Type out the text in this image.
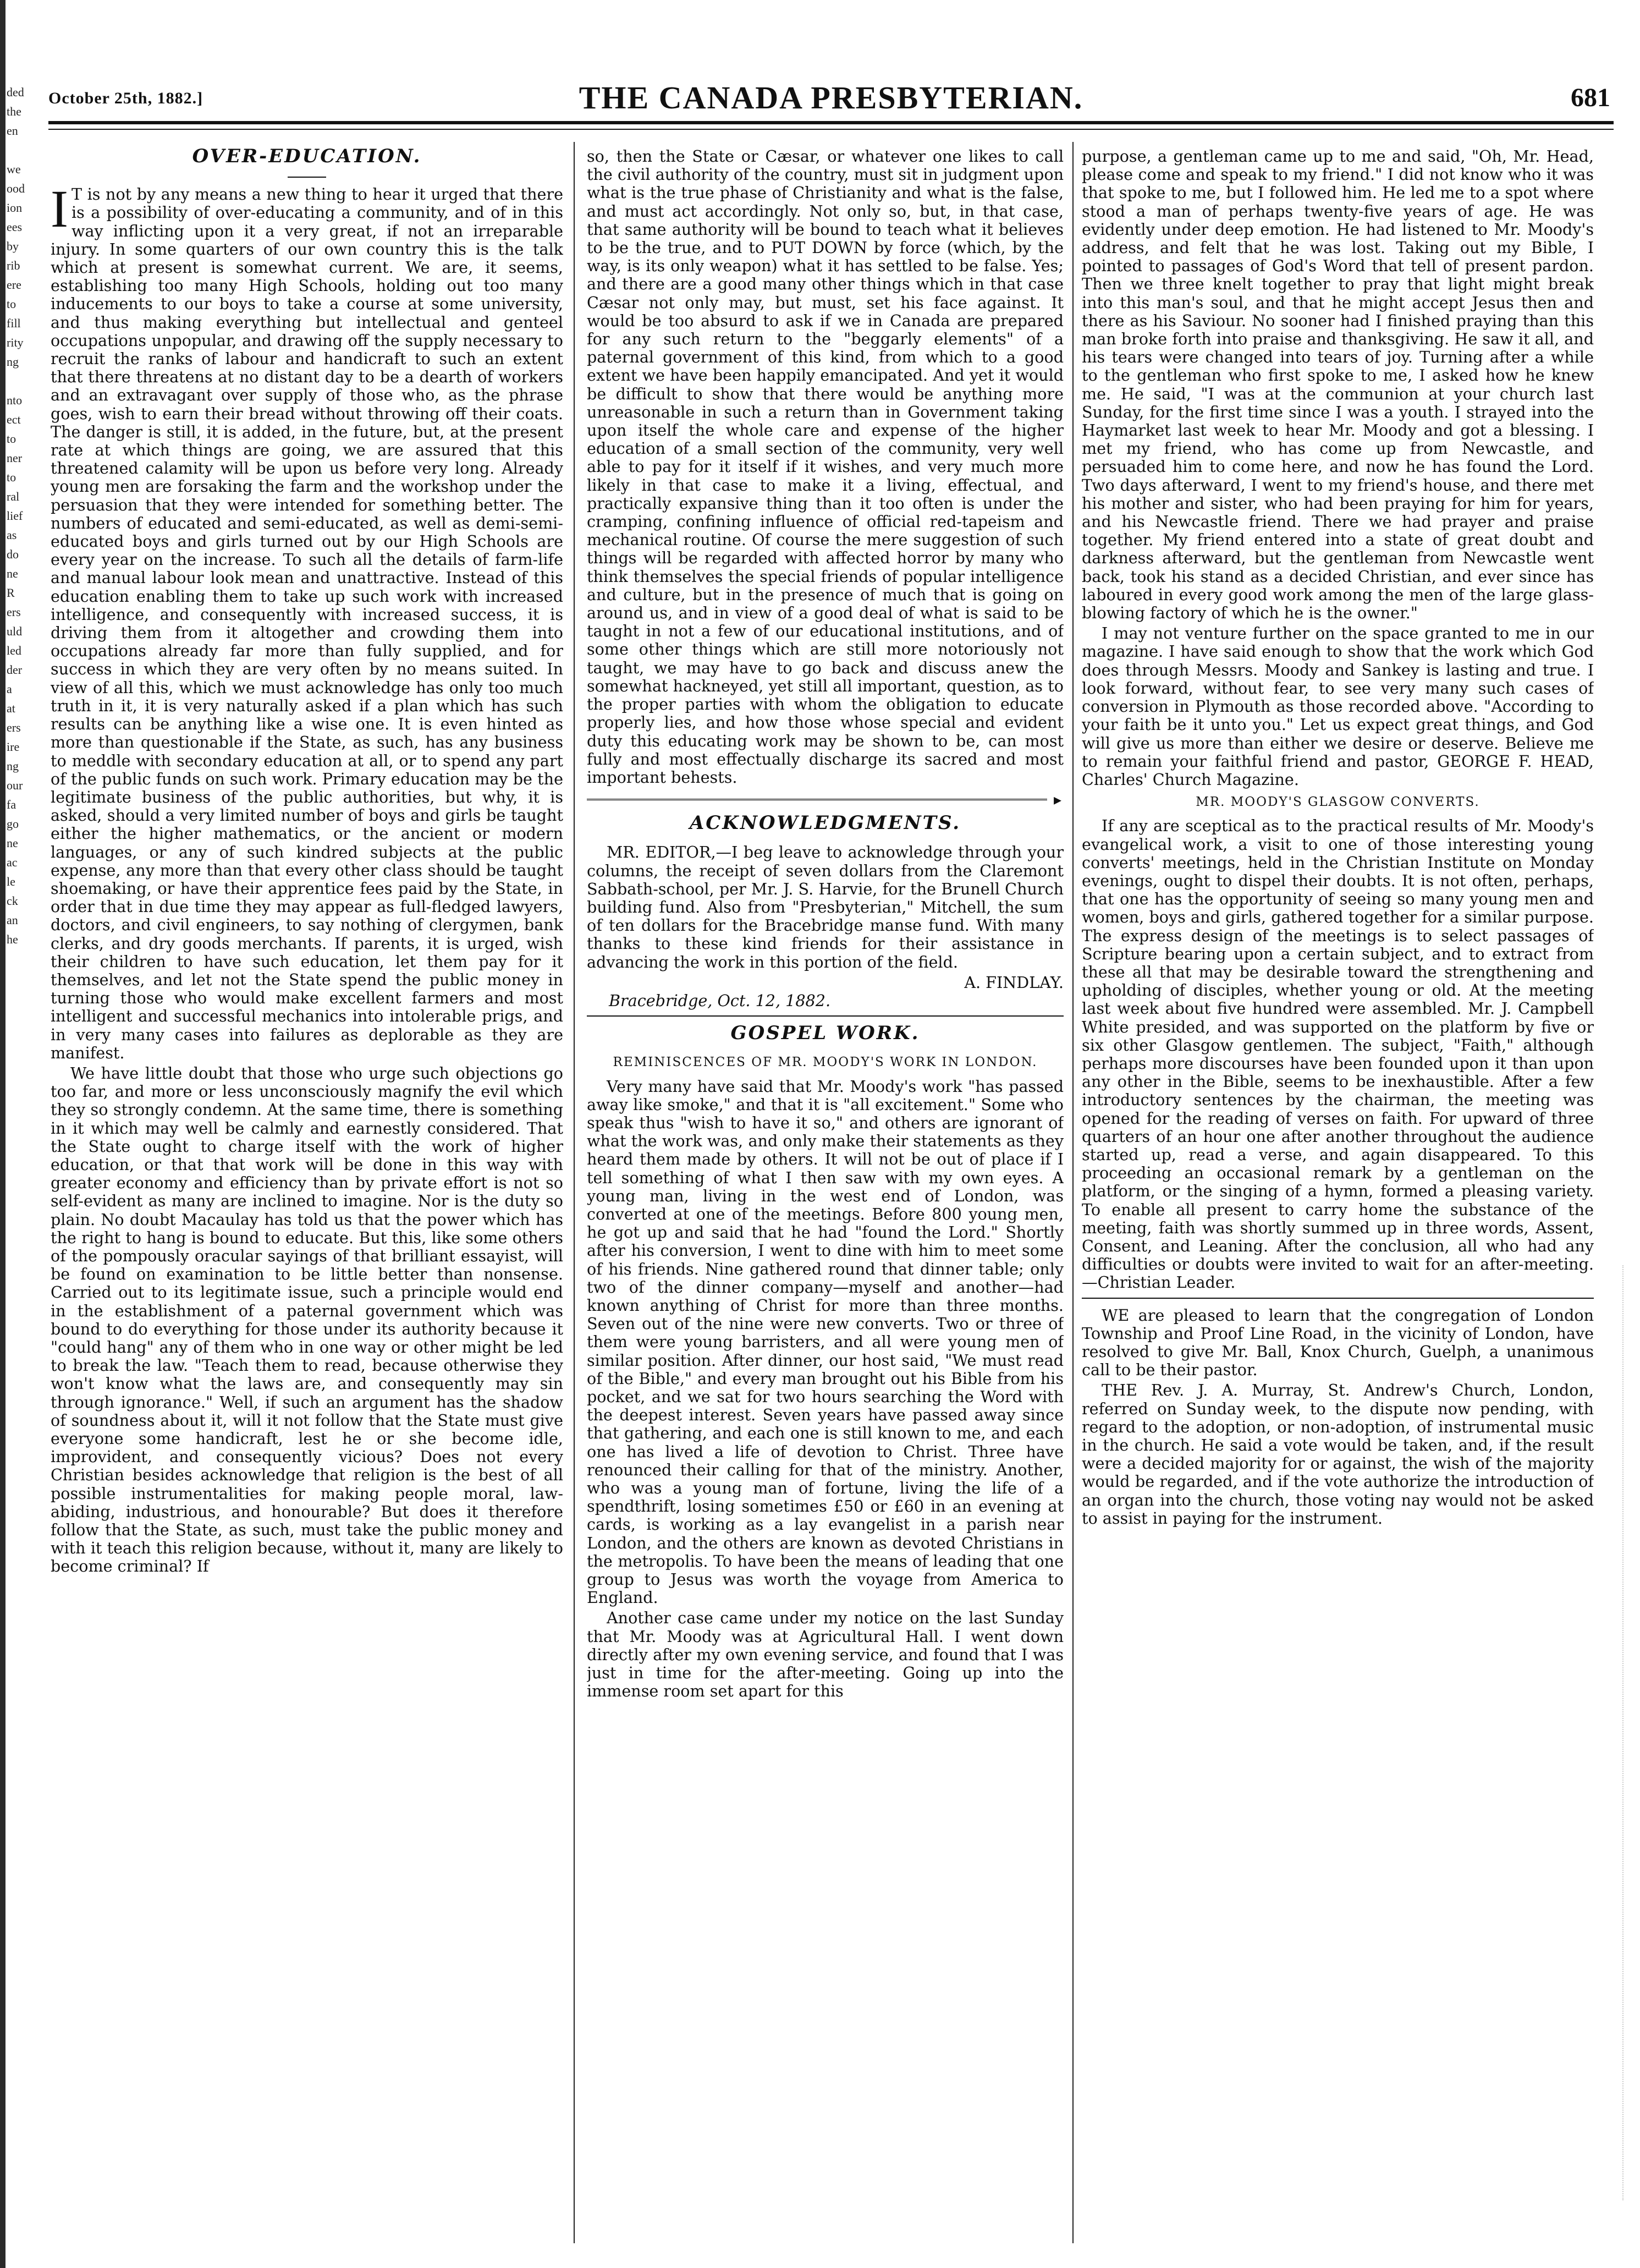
ded
the
en

we
ood
ion
ees
by
rib
ere
to
fill
rity
ng

nto
ect
to
ner
to
ral
lief
as
do
ne
R
ers
uld
led
der
a
at
ers
ire
ng
our
fa
go
ne
ac
le
ck
an
he
October 25th, 1882.]	THE CANADA PRESBYTERIAN.	681
OVER-EDUCATION.

I T is not by any means a new thing to hear it urged that there is a possibility of over-educating a community, and of in this way inflicting upon it a very great, if not an irreparable injury. In some quarters of our own country this is the talk which at present is somewhat current. We are, it seems, establishing too many High Schools, holding out too many inducements to our boys to take a course at some university, and thus making everything but intellectual and genteel occupations unpopular, and drawing off the supply necessary to recruit the ranks of labour and handicraft to such an extent that there threatens at no distant day to be a dearth of workers and an extravagant over supply of those who, as the phrase goes, wish to earn their bread without throwing off their coats. The danger is still, it is added, in the future, but, at the present rate at which things are going, we are assured that this threatened calamity will be upon us before very long. Already young men are forsaking the farm and the workshop under the persuasion that they were intended for something better. The numbers of educated and semi-educated, as well as demi-semi-educated boys and girls turned out by our High Schools are every year on the increase. To such all the details of farm-life and manual labour look mean and unattractive. Instead of this education enabling them to take up such work with increased intelligence, and consequently with increased success, it is driving them from it altogether and crowding them into occupations already far more than fully supplied, and for success in which they are very often by no means suited. In view of all this, which we must acknowledge has only too much truth in it, it is very naturally asked if a plan which has such results can be anything like a wise one. It is even hinted as more than questionable if the State, as such, has any business to meddle with secondary education at all, or to spend any part of the public funds on such work. Primary education may be the legitimate business of the public authorities, but why, it is asked, should a very limited number of boys and girls be taught either the higher mathematics, or the ancient or modern languages, or any of such kindred subjects at the public expense, any more than that every other class should be taught shoemaking, or have their apprentice fees paid by the State, in order that in due time they may appear as full-fledged lawyers, doctors, and civil engineers, to say nothing of clergymen, bank clerks, and dry goods merchants. If parents, it is urged, wish their children to have such education, let them pay for it themselves, and let not the State spend the public money in turning those who would make excellent farmers and most intelligent and successful mechanics into intolerable prigs, and in very many cases into failures as deplorable as they are manifest.

We have little doubt that those who urge such objections go too far, and more or less unconsciously magnify the evil which they so strongly condemn. At the same time, there is something in it which may well be calmly and earnestly considered. That the State ought to charge itself with the work of higher education, or that that work will be done in this way with greater economy and efficiency than by private effort is not so self-evident as many are inclined to imagine. Nor is the duty so plain. No doubt Macaulay has told us that the power which has the right to hang is bound to educate. But this, like some others of the pompously oracular sayings of that brilliant essayist, will be found on examination to be little better than nonsense. Carried out to its legitimate issue, such a principle would end in the establishment of a paternal government which was bound to do everything for those under its authority because it "could hang" any of them who in one way or other might be led to break the law. "Teach them to read, because otherwise they won't know what the laws are, and consequently may sin through ignorance." Well, if such an argument has the shadow of soundness about it, will it not follow that the State must give everyone some handicraft, lest he or she become idle, improvident, and consequently vicious? Does not every Christian besides acknowledge that religion is the best of all possible instrumentalities for making people moral, law-abiding, industrious, and honourable? But does it therefore follow that the State, as such, must take the public money and with it teach this religion because, without it, many are likely to become criminal? If

so, then the State or Cæsar, or whatever one likes to call the civil authority of the country, must sit in judgment upon what is the true phase of Christianity and what is the false, and must act accordingly. Not only so, but, in that case, that same authority will be bound to teach what it believes to be the true, and to PUT DOWN by force (which, by the way, is its only weapon) what it has settled to be false. Yes; and there are a good many other things which in that case Cæsar not only may, but must, set his face against. It would be too absurd to ask if we in Canada are prepared for any such return to the "beggarly elements" of a paternal government of this kind, from which to a good extent we have been happily emancipated. And yet it would be difficult to show that there would be anything more unreasonable in such a return than in Government taking upon itself the whole care and expense of the higher education of a small section of the community, very well able to pay for it itself if it wishes, and very much more likely in that case to make it a living, effectual, and practically expansive thing than it too often is under the cramping, confining influence of official red-tapeism and mechanical routine. Of course the mere suggestion of such things will be regarded with affected horror by many who think themselves the special friends of popular intelligence and culture, but in the presence of much that is going on around us, and in view of a good deal of what is said to be taught in not a few of our educational institutions, and of some other things which are still more notoriously not taught, we may have to go back and discuss anew the somewhat hackneyed, yet still all important, question, as to the proper parties with whom the obligation to educate properly lies, and how those whose special and evident duty this educating work may be shown to be, can most fully and most effectually discharge its sacred and most important behests.

▸
ACKNOWLEDGMENTS.

MR. EDITOR,—I beg leave to acknowledge through your columns, the receipt of seven dollars from the Claremont Sabbath-school, per Mr. J. S. Harvie, for the Brunell Church building fund. Also from "Presbyterian," Mitchell, the sum of ten dollars for the Bracebridge manse fund. With many thanks to these kind friends for their assistance in advancing the work in this portion of the field.

A. FINDLAY.

Bracebridge, Oct. 12, 1882.

GOSPEL WORK.
REMINISCENCES OF MR. MOODY'S WORK IN LONDON.

Very many have said that Mr. Moody's work "has passed away like smoke," and that it is "all excitement." Some who speak thus "wish to have it so," and others are ignorant of what the work was, and only make their statements as they heard them made by others. It will not be out of place if I tell something of what I then saw with my own eyes. A young man, living in the west end of London, was converted at one of the meetings. Before 800 young men, he got up and said that he had "found the Lord." Shortly after his conversion, I went to dine with him to meet some of his friends. Nine gathered round that dinner table; only two of the dinner company—myself and another—had known anything of Christ for more than three months. Seven out of the nine were new converts. Two or three of them were young barristers, and all were young men of similar position. After dinner, our host said, "We must read of the Bible," and every man brought out his Bible from his pocket, and we sat for two hours searching the Word with the deepest interest. Seven years have passed away since that gathering, and each one is still known to me, and each one has lived a life of devotion to Christ. Three have renounced their calling for that of the ministry. Another, who was a young man of fortune, living the life of a spendthrift, losing sometimes £50 or £60 in an evening at cards, is working as a lay evangelist in a parish near London, and the others are known as devoted Christians in the metropolis. To have been the means of leading that one group to Jesus was worth the voyage from America to England.

Another case came under my notice on the last Sunday that Mr. Moody was at Agricultural Hall. I went down directly after my own evening service, and found that I was just in time for the after-meeting. Going up into the immense room set apart for this

purpose, a gentleman came up to me and said, "Oh, Mr. Head, please come and speak to my friend." I did not know who it was that spoke to me, but I followed him. He led me to a spot where stood a man of perhaps twenty-five years of age. He was evidently under deep emotion. He had listened to Mr. Moody's address, and felt that he was lost. Taking out my Bible, I pointed to passages of God's Word that tell of present pardon. Then we three knelt together to pray that light might break into this man's soul, and that he might accept Jesus then and there as his Saviour. No sooner had I finished praying than this man broke forth into praise and thanksgiving. He saw it all, and his tears were changed into tears of joy. Turning after a while to the gentleman who first spoke to me, I asked how he knew me. He said, "I was at the communion at your church last Sunday, for the first time since I was a youth. I strayed into the Haymarket last week to hear Mr. Moody and got a blessing. I met my friend, who has come up from Newcastle, and persuaded him to come here, and now he has found the Lord. Two days afterward, I went to my friend's house, and there met his mother and sister, who had been praying for him for years, and his Newcastle friend. There we had prayer and praise together. My friend entered into a state of great doubt and darkness afterward, but the gentleman from Newcastle went back, took his stand as a decided Christian, and ever since has laboured in every good work among the men of the large glass-blowing factory of which he is the owner."

I may not venture further on the space granted to me in our magazine. I have said enough to show that the work which God does through Messrs. Moody and Sankey is lasting and true. I look forward, without fear, to see very many such cases of conversion in Plymouth as those recorded above. "According to your faith be it unto you." Let us expect great things, and God will give us more than either we desire or deserve. Believe me to remain your faithful friend and pastor, GEORGE F. HEAD, Charles' Church Magazine.

MR. MOODY'S GLASGOW CONVERTS.

If any are sceptical as to the practical results of Mr. Moody's evangelical work, a visit to one of those interesting young converts' meetings, held in the Christian Institute on Monday evenings, ought to dispel their doubts. It is not often, perhaps, that one has the opportunity of seeing so many young men and women, boys and girls, gathered together for a similar purpose. The express design of the meetings is to select passages of Scripture bearing upon a certain subject, and to extract from these all that may be desirable toward the strengthening and upholding of disciples, whether young or old. At the meeting last week about five hundred were assembled. Mr. J. Campbell White presided, and was supported on the platform by five or six other Glasgow gentlemen. The subject, "Faith," although perhaps more discourses have been founded upon it than upon any other in the Bible, seems to be inexhaustible. After a few introductory sentences by the chairman, the meeting was opened for the reading of verses on faith. For upward of three quarters of an hour one after another throughout the audience started up, read a verse, and again disappeared. To this proceeding an occasional remark by a gentleman on the platform, or the singing of a hymn, formed a pleasing variety. To enable all present to carry home the substance of the meeting, faith was shortly summed up in three words, Assent, Consent, and Leaning. After the conclusion, all who had any difficulties or doubts were invited to wait for an after-meeting.—Christian Leader.

WE are pleased to learn that the congregation of London Township and Proof Line Road, in the vicinity of London, have resolved to give Mr. Ball, Knox Church, Guelph, a unanimous call to be their pastor.

THE Rev. J. A. Murray, St. Andrew's Church, London, referred on Sunday week, to the dispute now pending, with regard to the adoption, or non-adoption, of instrumental music in the church. He said a vote would be taken, and, if the result were a decided majority for or against, the wish of the majority would be regarded, and if the vote authorize the introduction of an organ into the church, those voting nay would not be asked to assist in paying for the instrument.
